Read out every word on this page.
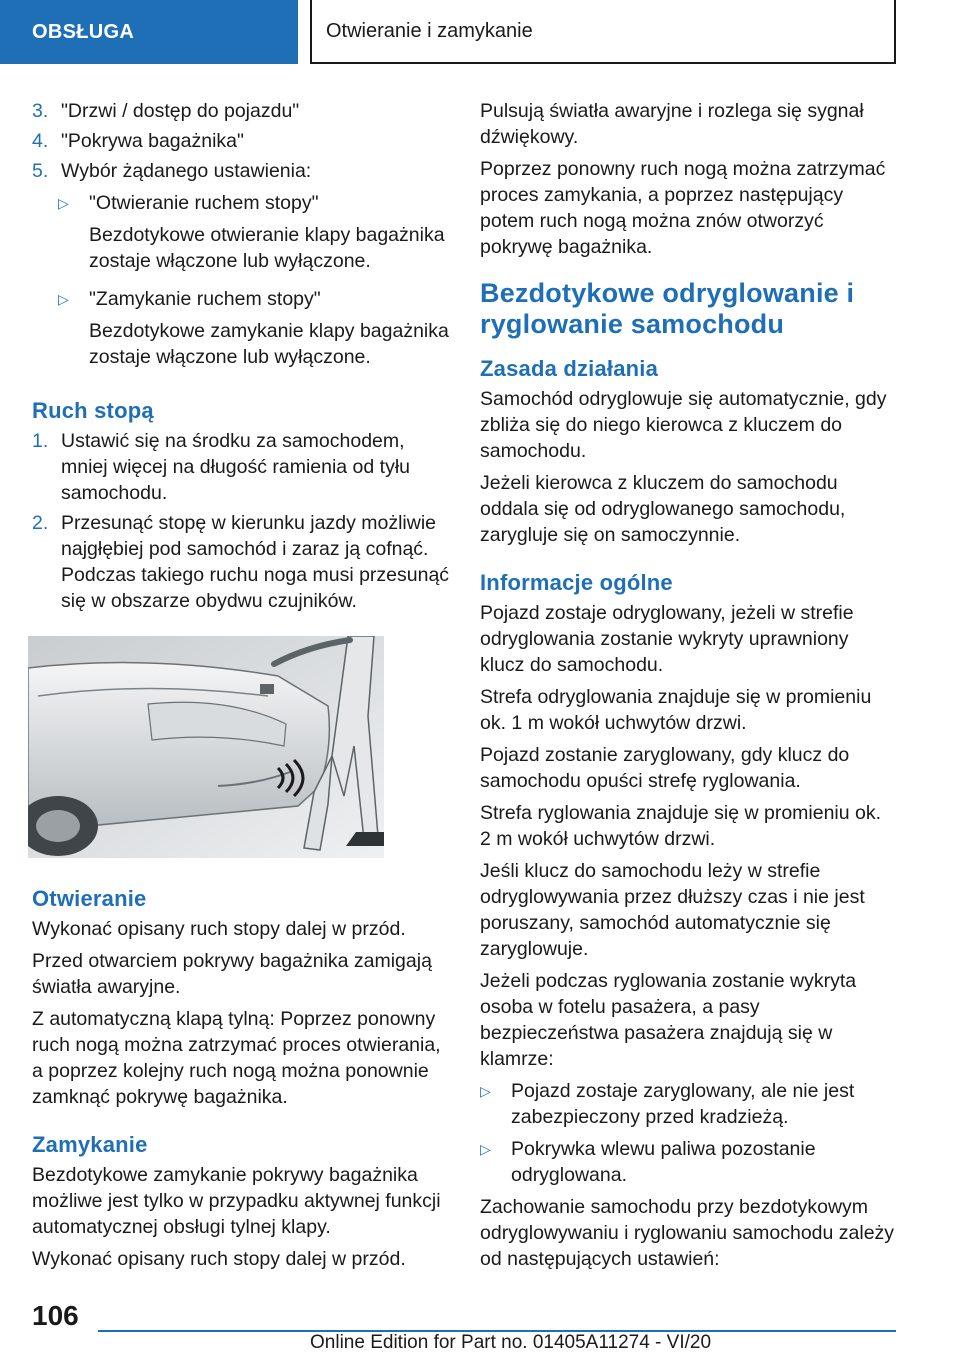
OBSŁUGA	Otwieranie i zamykanie
3. "Drzwi / dostęp do pojazdu"
4. "Pokrywa bagażnika"
5. Wybór żądanego ustawienia:
▷	"Otwieranie ruchem stopy"
Bezdotykowe otwieranie klapy bagażnika zostaje włączone lub wyłączone.
▷	"Zamykanie ruchem stopy"
Bezdotykowe zamykanie klapy bagażnika zostaje włączone lub wyłączone.
Ruch stopą
1. Ustawić się na środku za samochodem, mniej więcej na długość ramienia od tyłu samochodu.
2. Przesunąć stopę w kierunku jazdy możliwie najgłębiej pod samochód i zaraz ją cofnąć. Podczas takiego ruchu noga musi przesunąć się w obszarze obydwu czujników.
Otwieranie

Wykonać opisany ruch stopy dalej w przód.

Przed otwarciem pokrywy bagażnika zamigają światła awaryjne.

Z automatyczną klapą tylną: Poprzez ponowny ruch nogą można zatrzymać proces otwierania, a poprzez kolejny ruch nogą można ponownie zamknąć pokrywę bagażnika.

Zamykanie

Bezdotykowe zamykanie pokrywy bagażnika możliwe jest tylko w przypadku aktywnej funkcji automatycznej obsługi tylnej klapy.

Wykonać opisany ruch stopy dalej w przód.

Pulsują światła awaryjne i rozlega się sygnał dźwiękowy.

Poprzez ponowny ruch nogą można zatrzymać proces zamykania, a poprzez następujący potem ruch nogą można znów otworzyć pokrywę bagażnika.

Bezdotykowe odryglowanie i ryglowanie samochodu
Zasada działania

Samochód odryglowuje się automatycznie, gdy zbliża się do niego kierowca z kluczem do samochodu.

Jeżeli kierowca z kluczem do samochodu oddala się od odryglowanego samochodu, zarygluje się on samoczynnie.

Informacje ogólne

Pojazd zostaje odryglowany, jeżeli w strefie odryglowania zostanie wykryty uprawniony klucz do samochodu.

Strefa odryglowania znajduje się w promieniu ok. 1 m wokół uchwytów drzwi.

Pojazd zostanie zaryglowany, gdy klucz do samochodu opuści strefę ryglowania.

Strefa ryglowania znajduje się w promieniu ok. 2 m wokół uchwytów drzwi.

Jeśli klucz do samochodu leży w strefie odryglowywania przez dłuższy czas i nie jest poruszany, samochód automatycznie się zaryglowuje.

Jeżeli podczas ryglowania zostanie wykryta osoba w fotelu pasażera, a pasy bezpieczeństwa pasażera znajdują się w klamrze:

▷	Pojazd zostaje zaryglowany, ale nie jest zabezpieczony przed kradzieżą.
▷	Pokrywka wlewu paliwa pozostanie odryglowana.

Zachowanie samochodu przy bezdotykowym odryglowywaniu i ryglowaniu samochodu zależy od następujących ustawień:

106
Online Edition for Part no. 01405A11274 - VI/20
